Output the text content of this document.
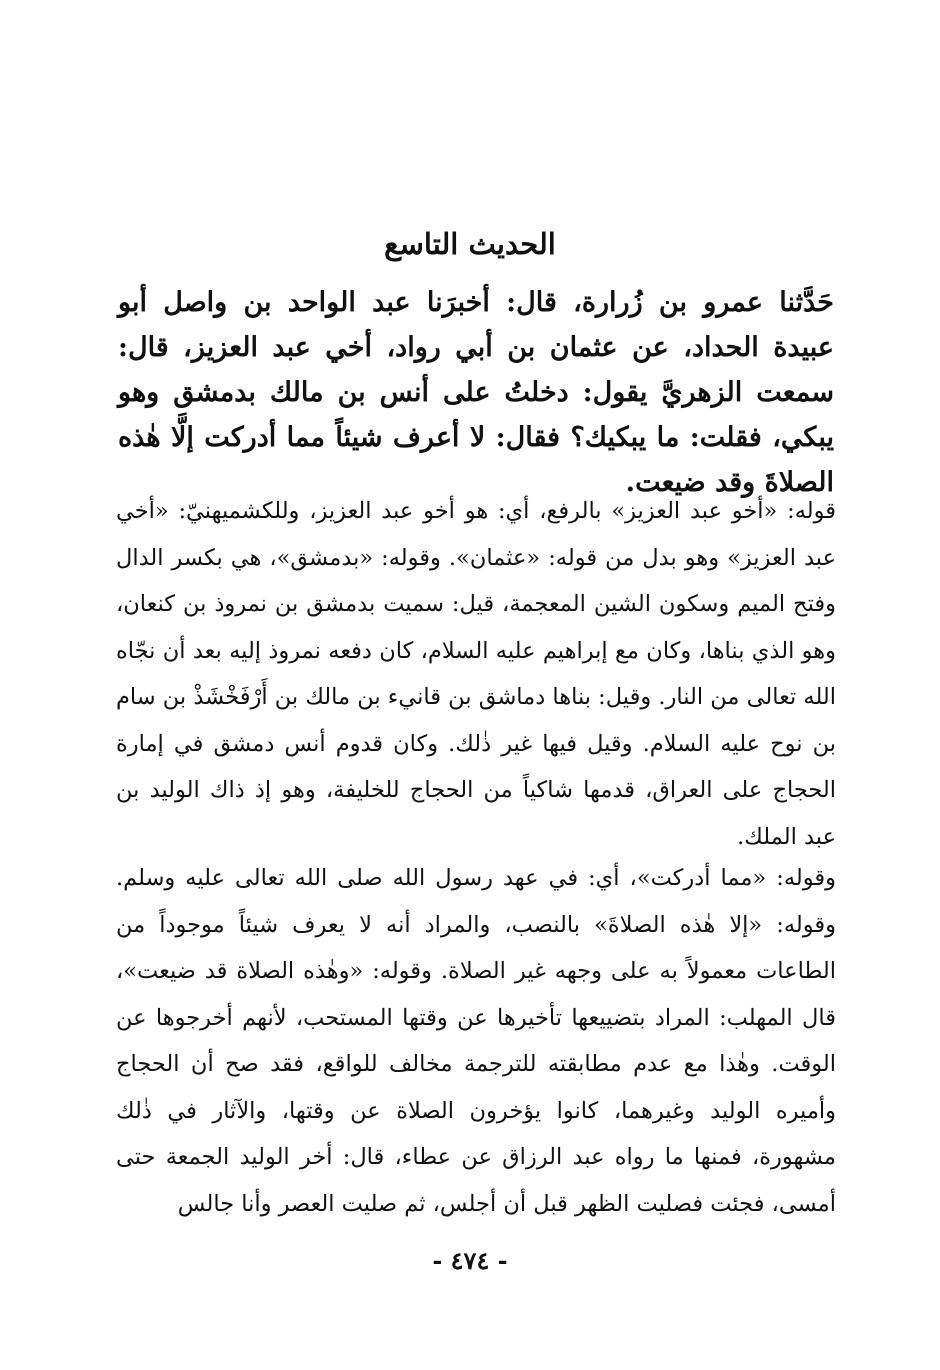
الحديث التاسع

حَدَّثنا عمرو بن زُرارة، قال: أخبرَنا عبد الواحد بن واصل أبو عبيدة الحداد، عن عثمان بن أبي رواد، أخي عبد العزيز، قال: سمعت الزهريَّ يقول: دخلتُ على أنس بن مالك بدمشق وهو يبكي، فقلت: ما يبكيك؟ فقال: لا أعرف شيئاً مما أدركت إلَّا هٰذه الصلاةَ وقد ضيعت.

قوله: «أخو عبد العزيز» بالرفع، أي: هو أخو عبد العزيز، وللكشميهنيّ: «أخي عبد العزيز» وهو بدل من قوله: «عثمان». وقوله: «بدمشق»، هي بكسر الدال وفتح الميم وسكون الشين المعجمة، قيل: سميت بدمشق بن نمروذ بن كنعان، وهو الذي بناها، وكان مع إبراهيم عليه السلام، كان دفعه نمروذ إليه بعد أن نجّاه الله تعالى من النار. وقيل: بناها دماشق بن قانيء بن مالك بن أَرْفَخْشَذْ بن سام بن نوح عليه السلام. وقيل فيها غير ذٰلك. وكان قدوم أنس دمشق في إمارة الحجاج على العراق، قدمها شاكياً من الحجاج للخليفة، وهو إذ ذاك الوليد بن عبد الملك.

وقوله: «مما أدركت»، أي: في عهد رسول الله صلى الله تعالى عليه وسلم. وقوله: «إلا هٰذه الصلاةَ» بالنصب، والمراد أنه لا يعرف شيئاً موجوداً من الطاعات معمولاً به على وجهه غير الصلاة. وقوله: «وهٰذه الصلاة قد ضيعت»، قال المهلب: المراد بتضييعها تأخيرها عن وقتها المستحب، لأنهم أخرجوها عن الوقت. وهٰذا مع عدم مطابقته للترجمة مخالف للواقع، فقد صح أن الحجاج وأميره الوليد وغيرهما، كانوا يؤخرون الصلاة عن وقتها، والآثار في ذٰلك مشهورة، فمنها ما رواه عبد الرزاق عن عطاء، قال: أخر الوليد الجمعة حتى أمسى، فجئت فصليت الظهر قبل أن أجلس، ثم صليت العصر وأنا جالس

- ٤٧٤ -
